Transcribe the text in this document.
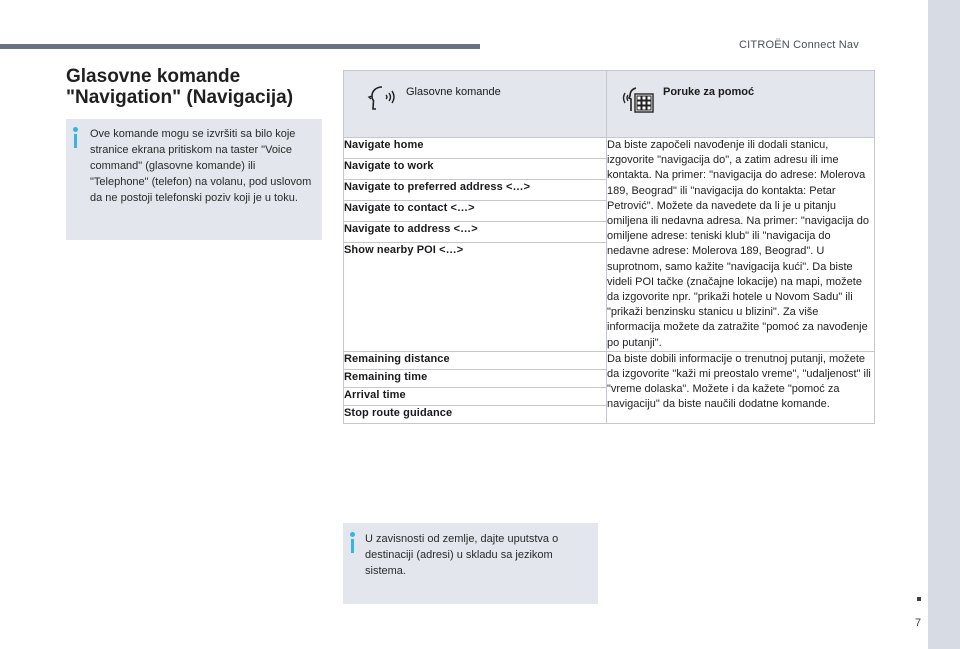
CITROËN Connect Nav
Glasovne komande
"Navigation" (Navigacija)

Ove komande mogu se izvršiti sa bilo koje stranice ekrana pritiskom na taster "Voice command" (glasovne komande) ili "Telephone" (telefon) na volanu, pod uslovom da ne postoji telefonski poziv koji je u toku.

Glasovne komande	Poruke za pomoć

Navigate home	Da biste započeli navođenje ili dodali stanicu, izgovorite "navigacija do", a zatim adresu ili ime kontakta. Na primer: "navigacija do adrese: Molerova 189, Beograd" ili "navigacija do kontakta: Petar Petrović". Možete da navedete da li je u pitanju omiljena ili nedavna adresa. Na primer: "navigacija do omiljene adrese: teniski klub" ili "navigacija do nedavne adrese: Molerova 189, Beograd". U suprotnom, samo kažite "navigacija kući". Da biste videli POI tačke (značajne lokacije) na mapi, možete da izgovorite npr. "prikaži hotele u Novom Sadu" ili "prikaži benzinsku stanicu u blizini". Za više informacija možete da zatražite "pomoć za navođenje po putanji".
Navigate to work	
Navigate to preferred address <…>	
Navigate to contact <…>	
Navigate to address <…>	
Show nearby POI <…>	
Remaining distance	Da biste dobili informacije o trenutnoj putanji, možete da izgovorite "kaži mi preostalo vreme", "udaljenost" ili "vreme dolaska". Možete i da kažete "pomoć za navigaciju" da biste naučili dodatne komande.
Remaining time	
Arrival time	
Stop route guidance	

U zavisnosti od zemlje, dajte uputstva o destinaciji (adresi) u skladu sa jezikom sistema.

7
